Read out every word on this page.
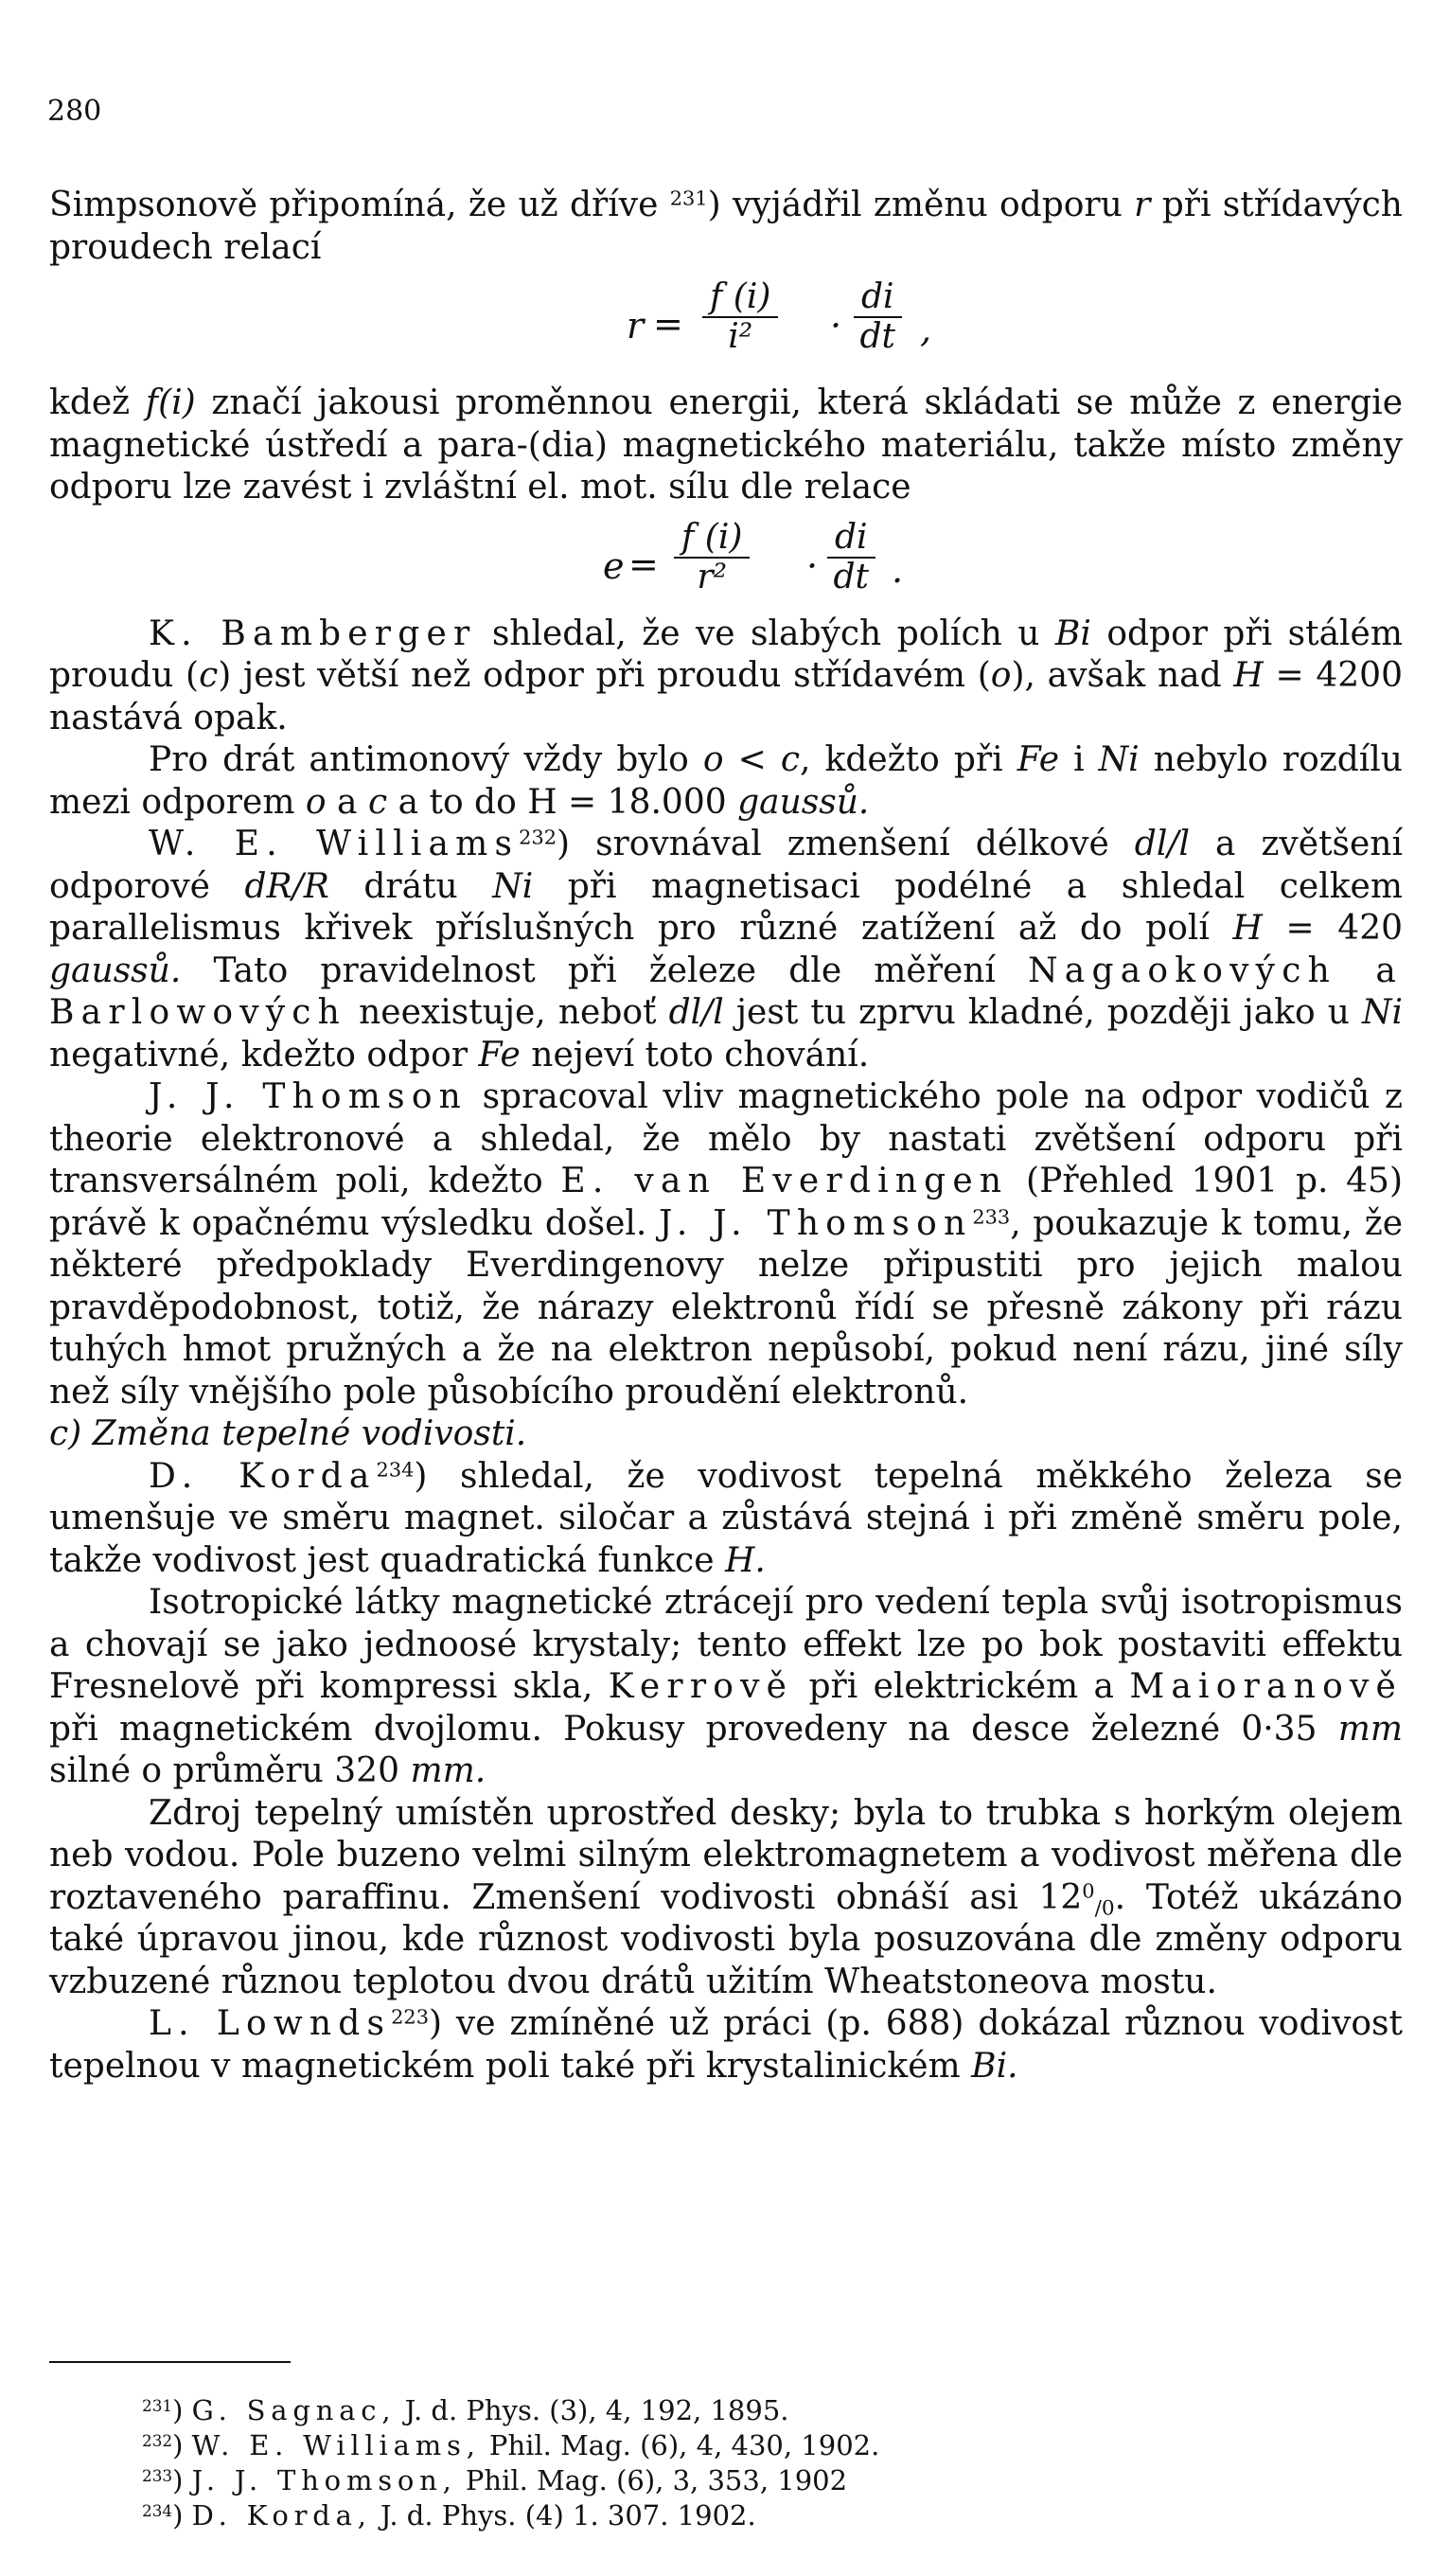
280

Simpsonově připomíná, že už dříve $^{231}$) vyjádřil změnu odporu r při střídavých proudech relací

$r = \frac{f (i)}{\text{i²}} \cdot \frac{di}{dt}$ ,

kdež f(i) značí jakousi proměnnou energii, která skládati se může z energie magnetické ústředí a para-(dia) magnetického materiálu, takže místo změny odporu lze zavést i zvláštní el. mot. sílu dle relace

$e = \frac{f (i)}{\text{r²}} \cdot \frac{di}{dt}$ .

K. Bamberger shledal, že ve slabých polích u Bi odpor při stálém proudu (c) jest větší než odpor při proudu střídavém (o), avšak nad H = 4200 nastává opak.

Pro drát antimonový vždy bylo o < c, kdežto při Fe i Ni nebylo rozdílu mezi odporem o a c a to do H = 18.000 gaussů.

W. E. Williams$^{232}$) srovnával zmenšení délkové dl/l a zvětšení odporové dR/R drátu Ni při magnetisaci podélné a shledal celkem parallelismus křivek příslušných pro různé zatížení až do polí H = 420 gaussů. Tato pravidelnost při železe dle měření Nagaokových a Barlowových neexistuje, neboť dl/l jest tu zprvu kladné, později jako u Ni negativné, kdežto odpor Fe nejeví toto chování.

J. J. Thomson spracoval vliv magnetického pole na odpor vodičů z theorie elektronové a shledal, že mělo by nastati zvětšení odporu při transversálném poli, kdežto E. van Everdingen (Přehled 1901 p. 45) právě k opačnému výsledku došel. J. J. Thomson$^{233}$, poukazuje k tomu, že některé předpoklady Everdingenovy nelze připustiti pro jejich malou pravděpodobnost, totiž, že nárazy elektronů řídí se přesně zákony při rázu tuhých hmot pružných a že na elektron nepůsobí, pokud není rázu, jiné síly než síly vnějšího pole působícího proudění elektronů.

c) Změna tepelné vodivosti.

D. Korda$^{234}$) shledal, že vodivost tepelná měkkého železa se umenšuje ve směru magnet. siločar a zůstává stejná i při změně směru pole, takže vodivost jest quadratická funkce H.

Isotropické látky magnetické ztrácejí pro vedení tepla svůj isotropismus a chovají se jako jednoosé krystaly; tento effekt lze po bok postaviti effektu Fresnelově při kompressi skla, Kerrově při elektrickém a Maioranově při magnetickém dvojlomu. Pokusy provedeny na desce železné 0·35 mm silné o průměru 320 mm.

Zdroj tepelný umístěn uprostřed desky; byla to trubka s horkým olejem neb vodou. Pole buzeno velmi silným elektromagnetem a vodivost měřena dle roztaveného paraffinu. Zmenšení vodivosti obnáší asi $12^0_{/0}$. Totéž ukázáno také úpravou jinou, kde různost vodivosti byla posuzována dle změny odporu vzbuzené různou teplotou dvou drátů užitím Wheatstoneova mostu.

L. Lownds$^{223}$) ve zmíněné už práci (p. 688) dokázal různou vodivost tepelnou v magnetickém poli také při krystalinickém Bi.

$^{231}$) G. Sagnac, J. d. Phys. (3), 4, 192, 1895.
$^{232}$) W. E. Williams, Phil. Mag. (6), 4, 430, 1902.
$^{233}$) J. J. Thomson, Phil. Mag. (6), 3, 353, 1902
$^{234}$) D. Korda, J. d. Phys. (4) 1. 307. 1902.
